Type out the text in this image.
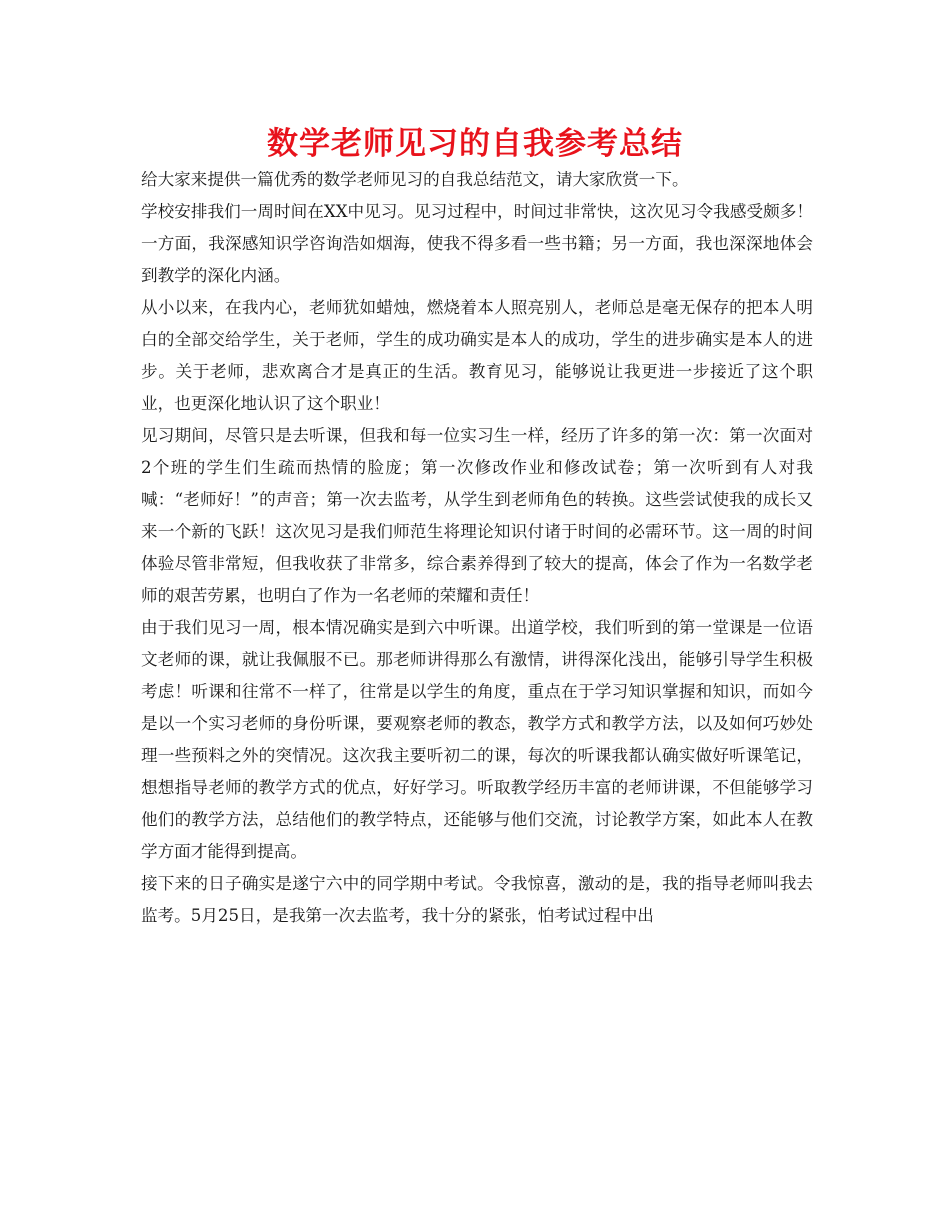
数学老师见习的自我参考总结

给大家来提供一篇优秀的数学老师见习的自我总结范文，请大家欣赏一下。

学校安排我们一周时间在XX中见习。见习过程中，时间过非常快，这次见习令我感受颇多！一方面，我深感知识学咨询浩如烟海，使我不得多看一些书籍；另一方面，我也深深地体会到教学的深化内涵。

从小以来，在我内心，老师犹如蜡烛，燃烧着本人照亮别人，老师总是毫无保存的把本人明白的全部交给学生，关于老师，学生的成功确实是本人的成功，学生的进步确实是本人的进步。关于老师，悲欢离合才是真正的生活。教育见习，能够说让我更进一步接近了这个职业，也更深化地认识了这个职业！

见习期间，尽管只是去听课，但我和每一位实习生一样，经历了许多的第一次：第一次面对2个班的学生们生疏而热情的脸庞；第一次修改作业和修改试卷；第一次听到有人对我喊：“老师好！”的声音；第一次去监考，从学生到老师角色的转换。这些尝试使我的成长又来一个新的飞跃！这次见习是我们师范生将理论知识付诸于时间的必需环节。这一周的时间体验尽管非常短，但我收获了非常多，综合素养得到了较大的提高，体会了作为一名数学老师的艰苦劳累，也明白了作为一名老师的荣耀和责任！

由于我们见习一周，根本情况确实是到六中听课。出道学校，我们听到的第一堂课是一位语文老师的课，就让我佩服不已。那老师讲得那么有激情，讲得深化浅出，能够引导学生积极考虑！听课和往常不一样了，往常是以学生的角度，重点在于学习知识掌握和知识，而如今是以一个实习老师的身份听课，要观察老师的教态，教学方式和教学方法，以及如何巧妙处理一些预料之外的突情况。这次我主要听初二的课，每次的听课我都认确实做好听课笔记，想想指导老师的教学方式的优点，好好学习。听取教学经历丰富的老师讲课，不但能够学习他们的教学方法，总结他们的教学特点，还能够与他们交流，讨论教学方案，如此本人在教学方面才能得到提高。

接下来的日子确实是遂宁六中的同学期中考试。令我惊喜，激动的是，我的指导老师叫我去监考。5月25日，是我第一次去监考，我十分的紧张，怕考试过程中出
